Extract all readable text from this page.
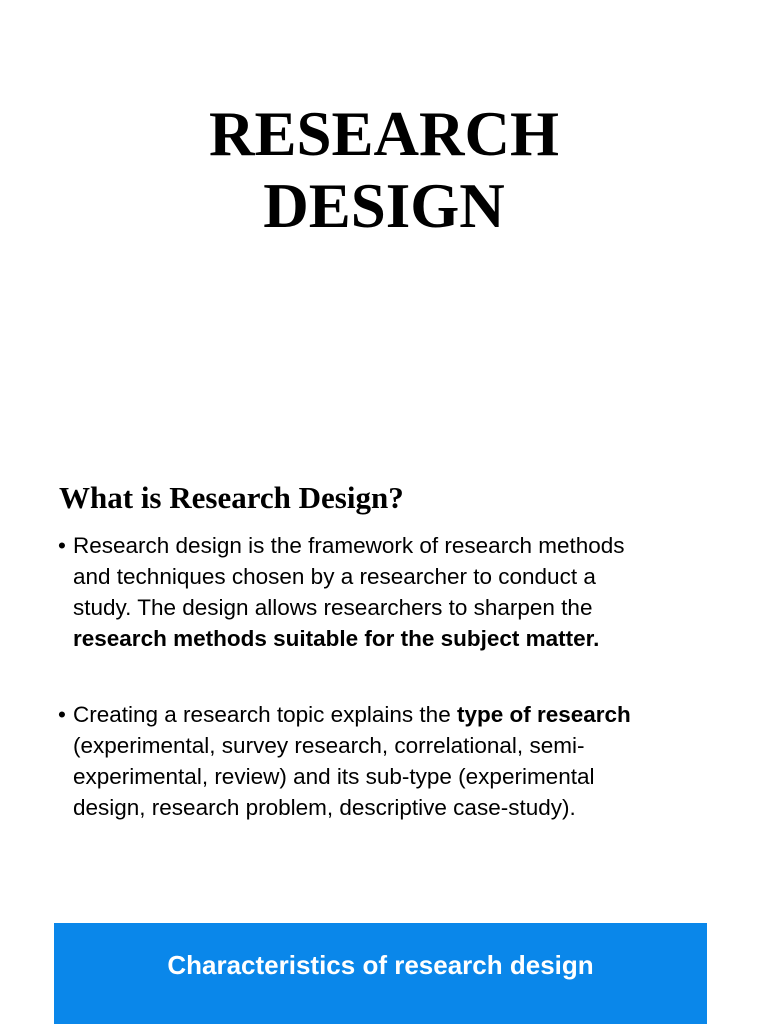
RESEARCH
DESIGN
What is Research Design?
• Research design is the framework of research methods
and techniques chosen by a researcher to conduct a
study. The design allows researchers to sharpen the
research methods suitable for the subject matter.
• Creating a research topic explains the type of research
(experimental, survey research, correlational, semi-
experimental, review) and its sub-type (experimental
design, research problem, descriptive case-study).
Characteristics of research design
